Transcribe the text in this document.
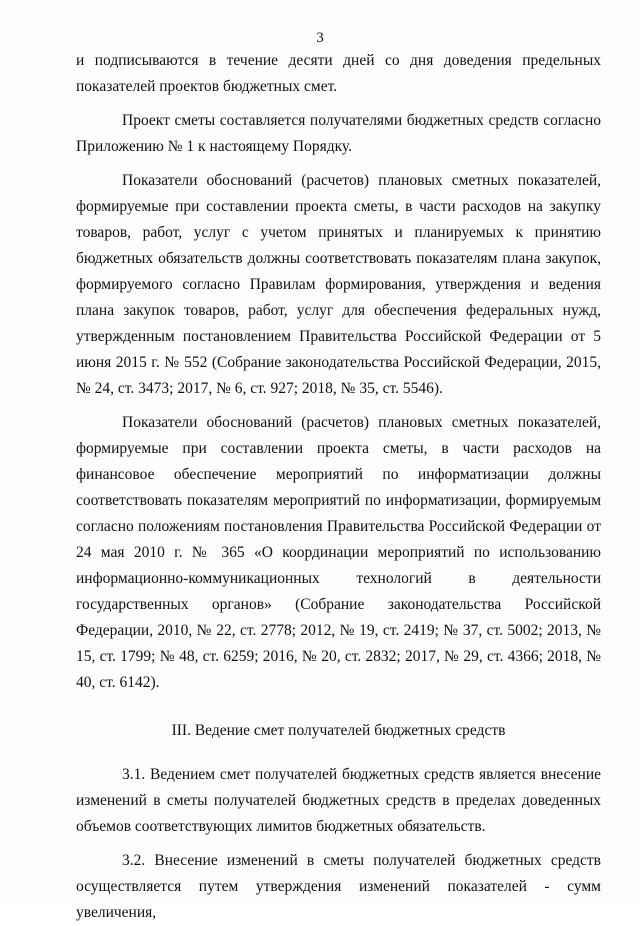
3

и подписываются в течение десяти дней со дня доведения предельных показателей проектов бюджетных смет.

Проект сметы составляется получателями бюджетных средств согласно Приложению № 1 к настоящему Порядку.

Показатели обоснований (расчетов) плановых сметных показателей, формируемые при составлении проекта сметы, в части расходов на закупку товаров, работ, услуг с учетом принятых и планируемых к принятию бюджетных обязательств должны соответствовать показателям плана закупок, формируемого согласно Правилам формирования, утверждения и ведения плана закупок товаров, работ, услуг для обеспечения федеральных нужд, утвержденным постановлением Правительства Российской Федерации от 5 июня 2015 г. № 552 (Собрание законодательства Российской Федерации, 2015, № 24, ст. 3473; 2017, № 6, ст. 927; 2018, № 35, ст. 5546).

Показатели обоснований (расчетов) плановых сметных показателей, формируемые при составлении проекта сметы, в части расходов на финансовое обеспечение мероприятий по информатизации должны соответствовать показателям мероприятий по информатизации, формируемым согласно положениям постановления Правительства Российской Федерации от 24 мая 2010 г. № 365 «О координации мероприятий по использованию информационно-коммуникационных технологий в деятельности государственных органов» (Собрание законодательства Российской Федерации, 2010, № 22, ст. 2778; 2012, № 19, ст. 2419; № 37, ст. 5002; 2013, № 15, ст. 1799; № 48, ст. 6259; 2016, № 20, ст. 2832; 2017, № 29, ст. 4366; 2018, № 40, ст. 6142).

III. Ведение смет получателей бюджетных средств

3.1. Ведением смет получателей бюджетных средств является внесение изменений в сметы получателей бюджетных средств в пределах доведенных объемов соответствующих лимитов бюджетных обязательств.

3.2. Внесение изменений в сметы получателей бюджетных средств осуществляется путем утверждения изменений показателей - сумм увеличения,
